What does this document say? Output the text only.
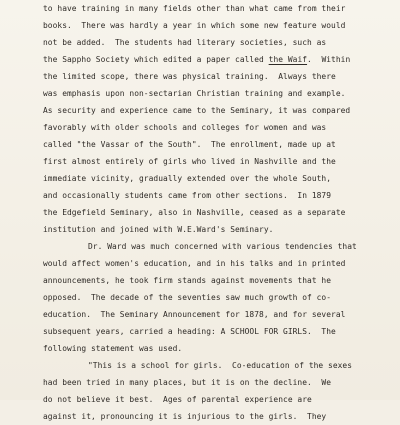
to have training in many fields other than what came from their
books.  There was hardly a year in which some new feature would
not be added.  The students had literary societies, such as
the Sappho Society which edited a paper called the Waif.  Within
the limited scope, there was physical training.  Always there
was emphasis upon non-sectarian Christian training and example.
As security and experience came to the Seminary, it was compared
favorably with older schools and colleges for women and was
called "the Vassar of the South".  The enrollment, made up at
first almost entirely of girls who lived in Nashville and the
immediate vicinity, gradually extended over the whole South,
and occasionally students came from other sections.  In 1879
the Edgefield Seminary, also in Nashville, ceased as a separate
institution and joined with W.E.Ward's Seminary.
Dr. Ward was much concerned with various tendencies that
would affect women's education, and in his talks and in printed
announcements, he took firm stands against movements that he
opposed.  The decade of the seventies saw much growth of co-
education.  The Seminary Announcement for 1878, and for several
subsequent years, carried a heading: A SCHOOL FOR GIRLS.  The
following statement was used.
"This is a school for girls.  Co-education of the sexes
had been tried in many places, but it is on the decline.  We
do not believe it best.  Ages of parental experience are
against it, pronouncing it is injurious to the girls.  They
